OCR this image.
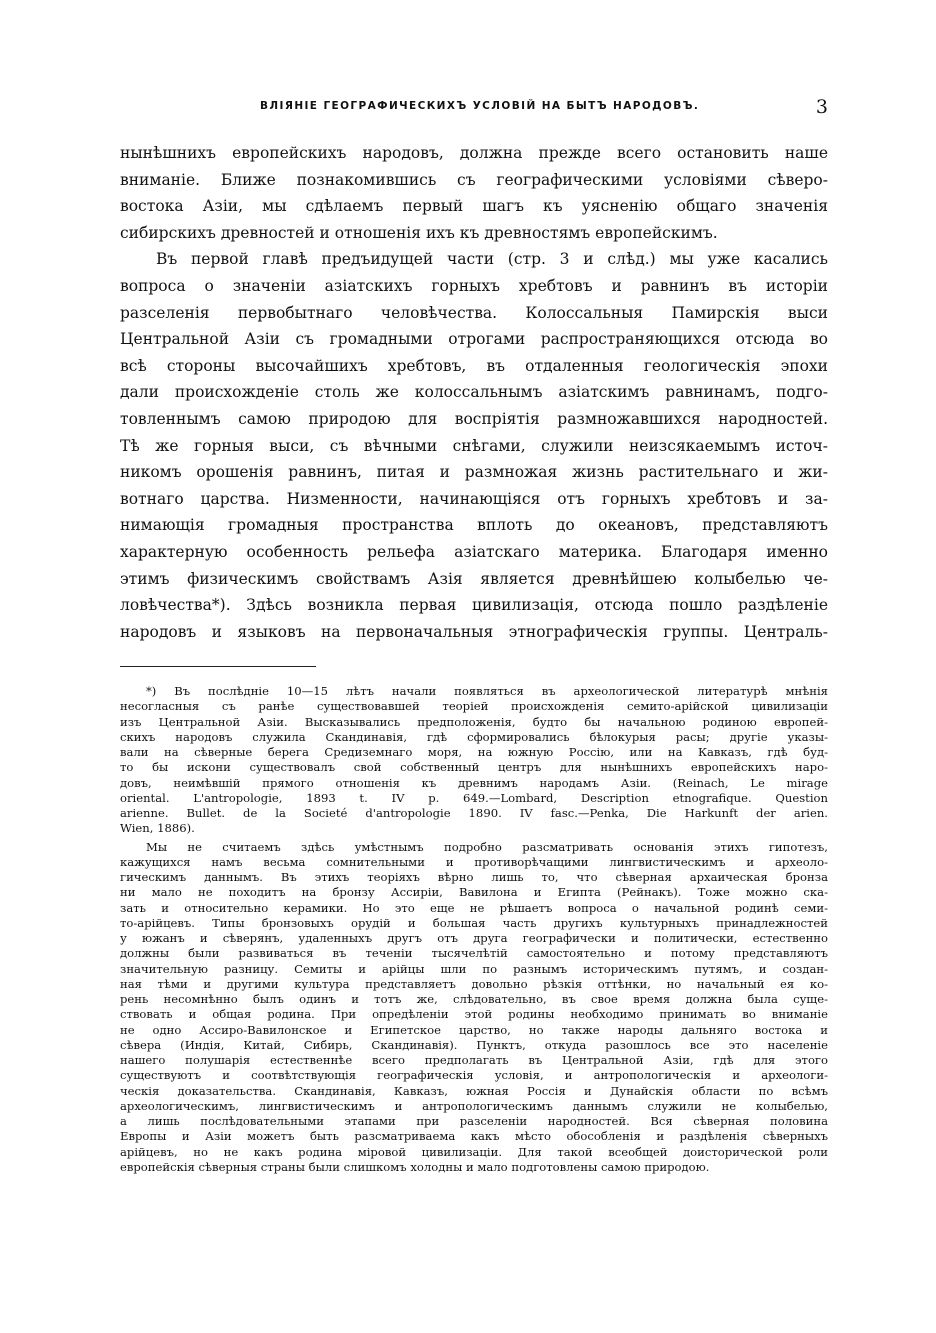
ВЛІЯНІЕ ГЕОГРАФИЧЕСКИХЪ УСЛОВІЙ НА БЫТЪ НАРОДОВЪ.	3
нынѣшнихъ европейскихъ народовъ, должна прежде всего остановить наше
вниманіе. Ближе познакомившись съ географическими условіями сѣверо-
востока Азіи, мы сдѣлаемъ первый шагъ къ уясненію общаго значенія
сибирскихъ древностей и отношенія ихъ къ древностямъ европейскимъ.
Въ первой главѣ предъидущей части (стр. 3 и слѣд.) мы уже касались
вопроса о значеніи азіатскихъ горныхъ хребтовъ и равнинъ въ исторіи
разселенія первобытнаго человѣчества. Колоссальныя Памирскія выси
Центральной Азіи съ громадными отрогами распространяющихся отсюда во
всѣ стороны высочайшихъ хребтовъ, въ отдаленныя геологическія эпохи
дали происхожденіе столь же колоссальнымъ азіатскимъ равнинамъ, подго-
товленнымъ самою природою для воспріятія размножавшихся народностей.
Тѣ же горныя выси, съ вѣчными снѣгами, служили неизсякаемымъ источ-
никомъ орошенія равнинъ, питая и размножая жизнь растительнаго и жи-
вотнаго царства. Низменности, начинающіяся отъ горныхъ хребтовъ и за-
нимающія громадныя пространства вплоть до океановъ, представляютъ
характерную особенность рельефа азіатскаго материка. Благодаря именно
этимъ физическимъ свойствамъ Азія является древнѣйшею колыбелью че-
ловѣчества*). Здѣсь возникла первая цивилизація, отсюда пошло раздѣленіе
народовъ и языковъ на первоначальныя этнографическія группы. Централь-
*) Въ послѣдніе 10—15 лѣтъ начали появляться въ археологической литературѣ мнѣнія
несогласныя съ ранѣе существовавшей теоріей происхожденія семито-арійской цивилизаціи
изъ Центральной Азіи. Высказывались предположенія, будто бы начальною родиною европей-
скихъ народовъ служила Скандинавія, гдѣ сформировались бѣлокурыя расы; другіе указы-
вали на сѣверные берега Средиземнаго моря, на южную Россію, или на Кавказъ, гдѣ буд-
то бы искони существовалъ свой собственный центръ для нынѣшнихъ европейскихъ наро-
довъ, неимѣвшій прямого отношенія къ древнимъ народамъ Азіи. (Reinach, Le mirage
oriental. L'antropologie, 1893 t. IV p. 649.—Lombard, Description etnografique. Question
arienne. Bullet. de la Societé d'antropologie 1890. IV fasc.—Penka, Die Harkunft der arien.
Wien, 1886).
Мы не считаемъ здѣсь умѣстнымъ подробно разсматривать основанія этихъ гипотезъ,
кажущихся намъ весьма сомнительными и противорѣчащими лингвистическимъ и археоло-
гическимъ даннымъ. Въ этихъ теоріяхъ вѣрно лишь то, что сѣверная архаическая бронза
ни мало не походитъ на бронзу Ассиріи, Вавилона и Египта (Рейнакъ). Тоже можно ска-
зать и относительно керамики. Но это еще не рѣшаетъ вопроса о начальной родинѣ семи-
то-арійцевъ. Типы бронзовыхъ орудій и большая часть другихъ культурныхъ принадлежностей
у южанъ и сѣверянъ, удаленныхъ другъ отъ друга географически и политически, естественно
должны были развиваться въ теченіи тысячелѣтій самостоятельно и потому представляютъ
значительную разницу. Семиты и арійцы шли по разнымъ историческимъ путямъ, и создан-
ная тѣми и другими культура представляетъ довольно рѣзкія оттѣнки, но начальный ея ко-
рень несомнѣнно былъ одинъ и тотъ же, слѣдовательно, въ свое время должна была суще-
ствовать и общая родина. При опредѣленіи этой родины необходимо принимать во вниманіе
не одно Ассиро-Вавилонское и Египетское царство, но также народы дальняго востока и
сѣвера (Индія, Китай, Сибирь, Скандинавія). Пунктъ, откуда разошлось все это населеніе
нашего полушарія естественнѣе всего предполагать въ Центральной Азіи, гдѣ для этого
существуютъ и соотвѣтствующія географическія условія, и антропологическія и археологи-
ческія доказательства. Скандинавія, Кавказъ, южная Россія и Дунайскія области по всѣмъ
археологическимъ, лингвистическимъ и антропологическимъ даннымъ служили не колыбелью,
а лишь послѣдовательными этапами при разселеніи народностей. Вся сѣверная половина
Европы и Азіи можетъ быть разсматриваема какъ мѣсто обособленія и раздѣленія сѣверныхъ
арійцевъ, но не какъ родина міровой цивилизаціи. Для такой всеобщей доисторической роли
европейскія сѣверныя страны были слишкомъ холодны и мало подготовлены самою природою.
